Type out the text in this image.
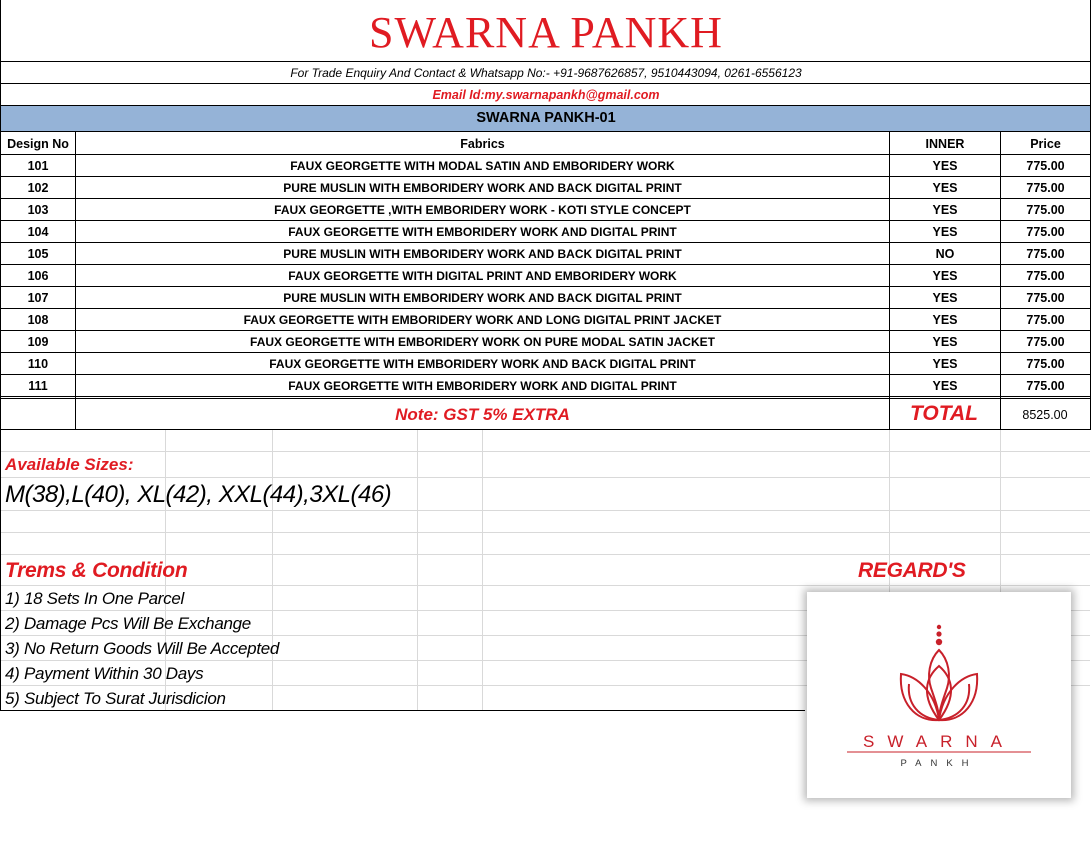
SWARNA PANKH
For Trade Enquiry And Contact & Whatsapp No:- +91-9687626857, 9510443094, 0261-6556123
Email Id:my.swarnapankh@gmail.com
SWARNA PANKH-01
Design No	Fabrics	INNER	Price
101	FAUX GEORGETTE WITH MODAL SATIN AND EMBORIDERY WORK	YES	775.00
102	PURE MUSLIN WITH EMBORIDERY WORK AND BACK DIGITAL PRINT	YES	775.00
103	FAUX GEORGETTE ,WITH EMBORIDERY WORK - KOTI STYLE CONCEPT	YES	775.00
104	FAUX GEORGETTE WITH EMBORIDERY WORK AND DIGITAL PRINT	YES	775.00
105	PURE MUSLIN WITH EMBORIDERY WORK AND BACK DIGITAL PRINT	NO	775.00
106	FAUX GEORGETTE WITH DIGITAL PRINT AND EMBORIDERY WORK	YES	775.00
107	PURE MUSLIN WITH EMBORIDERY WORK AND BACK DIGITAL PRINT	YES	775.00
108	FAUX GEORGETTE WITH EMBORIDERY WORK AND LONG DIGITAL PRINT JACKET	YES	775.00
109	FAUX GEORGETTE WITH EMBORIDERY WORK ON PURE MODAL SATIN JACKET	YES	775.00
110	FAUX GEORGETTE WITH EMBORIDERY WORK AND BACK DIGITAL PRINT	YES	775.00
111	FAUX GEORGETTE WITH EMBORIDERY WORK AND DIGITAL PRINT	YES	775.00
Note: GST 5% EXTRA	TOTAL	8525.00
Available Sizes:
M(38),L(40), XL(42), XXL(44),3XL(46)
Trems & Condition	REGARD'S
1) 18 Sets In One Parcel
2) Damage Pcs Will Be Exchange
3) No Return Goods Will Be Accepted
4) Payment Within 30 Days
5) Subject To Surat Jurisdicion
SWARNA
PANKH
